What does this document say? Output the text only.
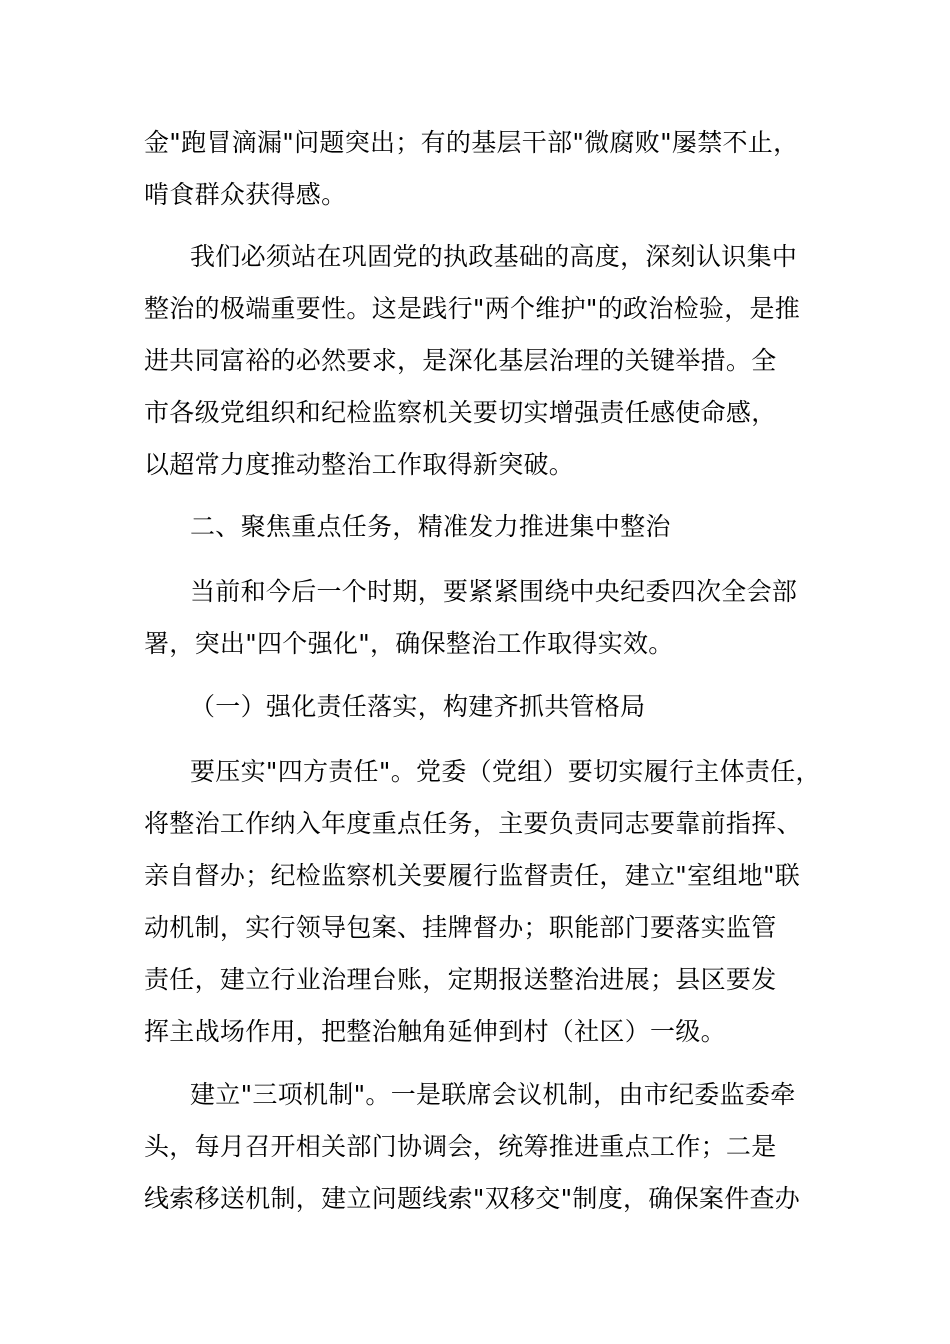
金"跑冒滴漏"问题突出；有的基层干部"微腐败"屡禁不止，
啃食群众获得感。
我们必须站在巩固党的执政基础的高度，深刻认识集中
整治的极端重要性。这是践行"两个维护"的政治检验，是推
进共同富裕的必然要求，是深化基层治理的关键举措。全
市各级党组织和纪检监察机关要切实增强责任感使命感，
以超常力度推动整治工作取得新突破。
二、聚焦重点任务，精准发力推进集中整治
当前和今后一个时期，要紧紧围绕中央纪委四次全会部
署，突出"四个强化"，确保整治工作取得实效。
（一）强化责任落实，构建齐抓共管格局
要压实"四方责任"。党委（党组）要切实履行主体责任，
将整治工作纳入年度重点任务，主要负责同志要靠前指挥、
亲自督办；纪检监察机关要履行监督责任，建立"室组地"联
动机制，实行领导包案、挂牌督办；职能部门要落实监管
责任，建立行业治理台账，定期报送整治进展；县区要发
挥主战场作用，把整治触角延伸到村（社区）一级。
建立"三项机制"。一是联席会议机制，由市纪委监委牵
头，每月召开相关部门协调会，统筹推进重点工作；二是
线索移送机制，建立问题线索"双移交"制度，确保案件查办
